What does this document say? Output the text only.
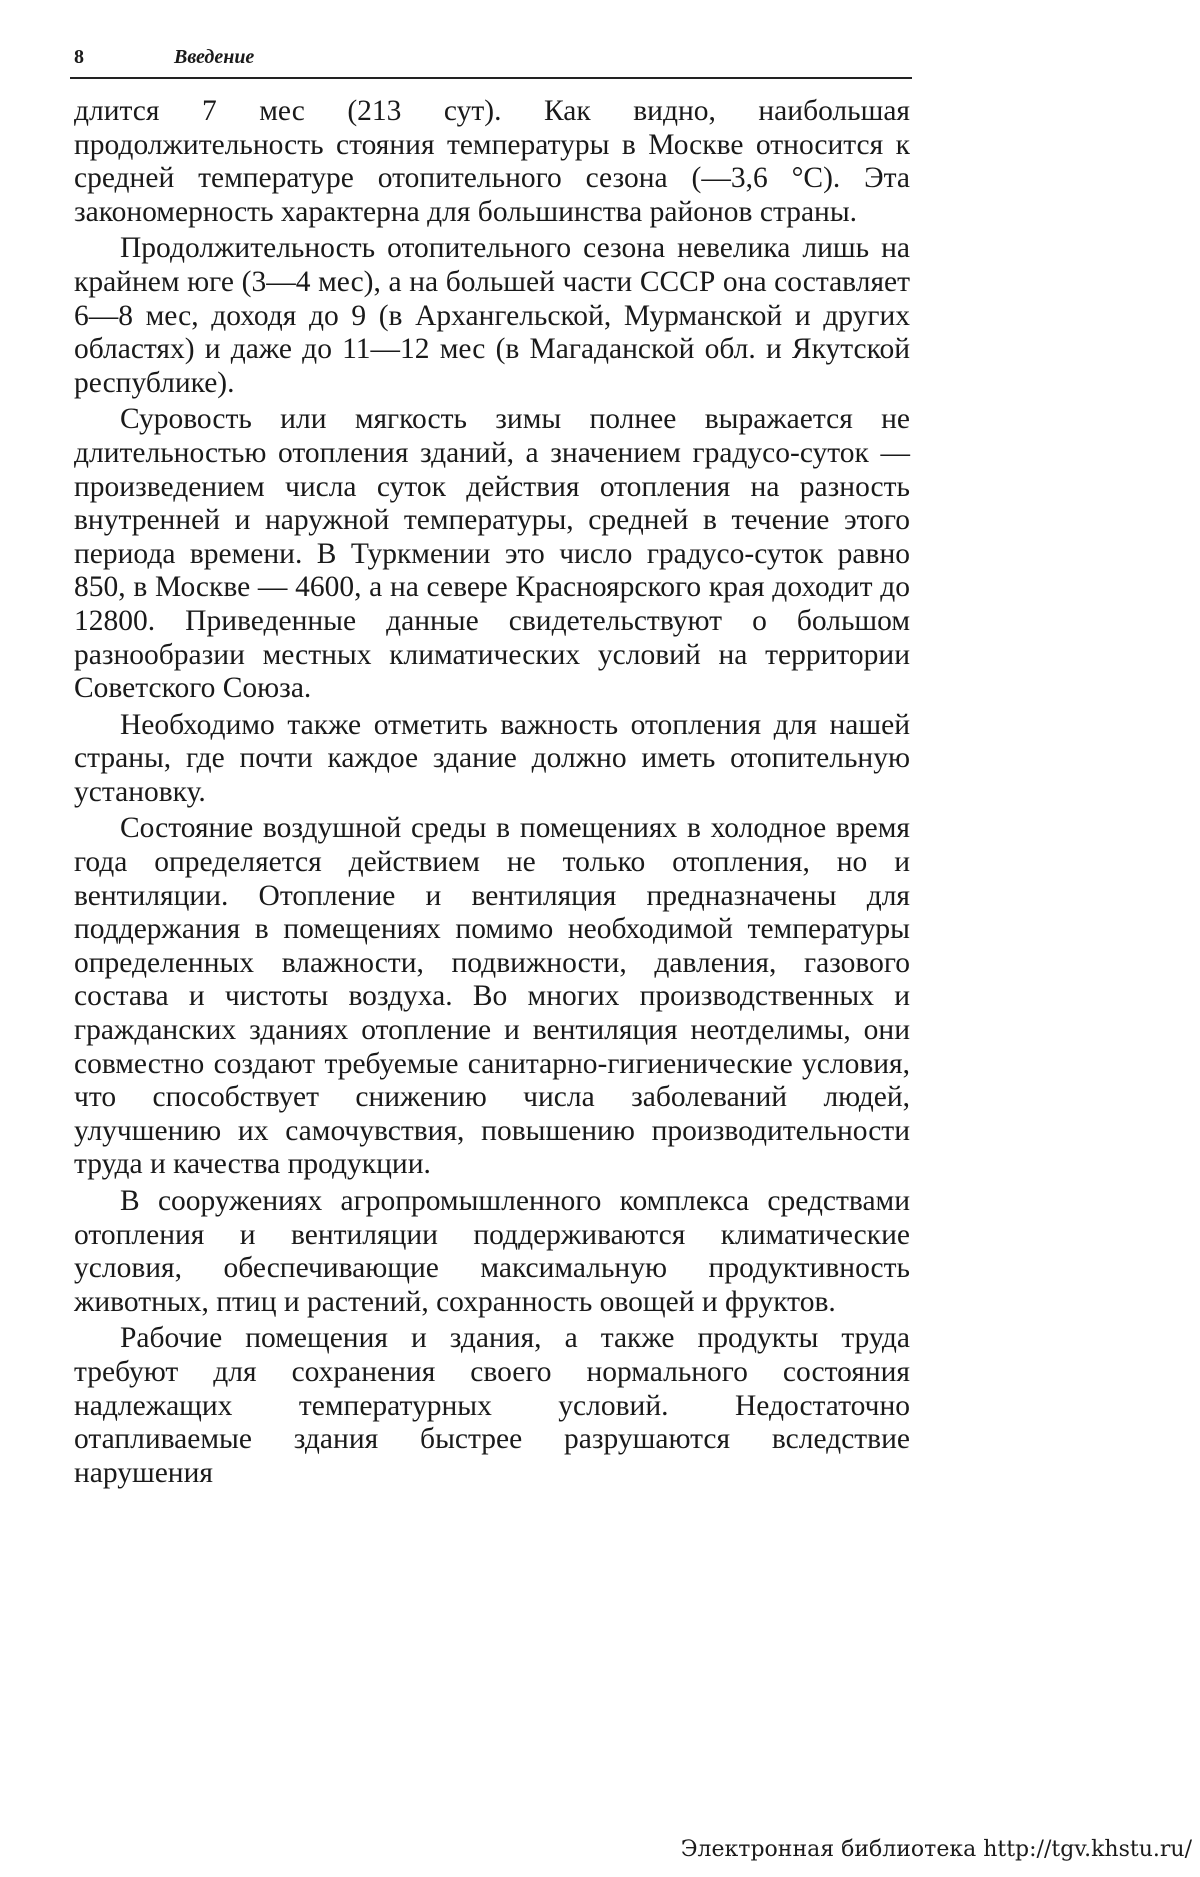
8	Введение

длится 7 мес (213 сут). Как видно, наибольшая продолжительность стояния температуры в Москве относится к средней температуре отопительного сезона (—3,6 °С). Эта закономерность характерна для большинства районов страны.

Продолжительность отопительного сезона невелика лишь на крайнем юге (3—4 мес), а на большей части СССР она составляет 6—8 мес, доходя до 9 (в Архангельской, Мурманской и других областях) и даже до 11—12 мес (в Магаданской обл. и Якутской республике).

Суровость или мягкость зимы полнее выражается не длительностью отопления зданий, а значением градусо-суток — произведением числа суток действия отопления на разность внутренней и наружной температуры, средней в течение этого периода времени. В Туркмении это число градусо-суток равно 850, в Москве — 4600, а на севере Красноярского края доходит до 12800. Приведенные данные свидетельствуют о большом разнообразии местных климатических условий на территории Советского Союза.

Необходимо также отметить важность отопления для нашей страны, где почти каждое здание должно иметь отопительную установку.

Состояние воздушной среды в помещениях в холодное время года определяется действием не только отопления, но и вентиляции. Отопление и вентиляция предназначены для поддержания в помещениях помимо необходимой температуры определенных влажности, подвижности, давления, газового состава и чистоты воздуха. Во многих производственных и гражданских зданиях отопление и вентиляция неотделимы, они совместно создают требуемые санитарно-гигиенические условия, что способствует снижению числа заболеваний людей, улучшению их самочувствия, повышению производительности труда и качества продукции.

В сооружениях агропромышленного комплекса средствами отопления и вентиляции поддерживаются климатические условия, обеспечивающие максимальную продуктивность животных, птиц и растений, сохранность овощей и фруктов.

Рабочие помещения и здания, а также продукты труда требуют для сохранения своего нормального состояния надлежащих температурных условий. Недостаточно отапливаемые здания быстрее разрушаются вследствие нарушения

Электронная библиотека http://tgv.khstu.ru/
